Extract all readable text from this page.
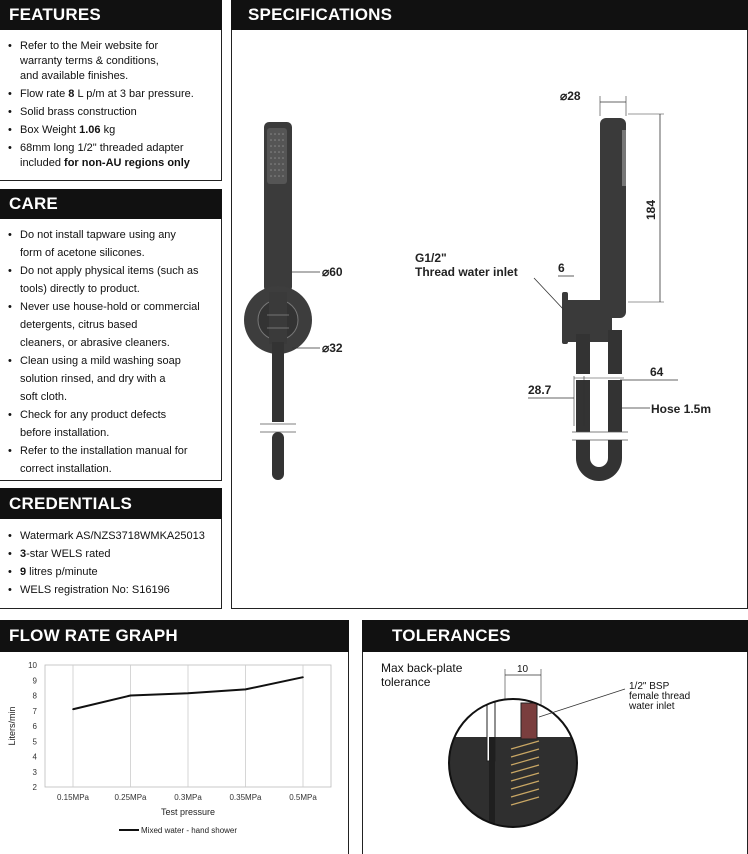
FEATURES
• Refer to the Meir website for
warranty terms & conditions,
and available finishes.
• Flow rate 8 L p/m at 3 bar pressure.
• Solid brass construction
• Box Weight 1.06 kg
• 68mm long 1/2" threaded adapter
included for non-AU regions only
CARE
• Do not install tapware using any
form of acetone silicones.
• Do not apply physical items (such as
tools) directly to product.
• Never use house-hold or commercial
detergents, citrus based
cleaners, or abrasive cleaners.
• Clean using a mild washing soap
solution rinsed, and dry with a
soft cloth.
• Check for any product defects
before installation.
• Refer to the installation manual for
correct installation.
CREDENTIALS
• Watermark AS/NZS3718WMKA25013
• 3-star WELS rated
• 9 litres p/minute
• WELS registration No: S16196
SPECIFICATIONS
⌀60
⌀32
⌀28
184
G1/2"
Thread water inlet	6
28.7
64
Hose 1.5m
FLOW RATE GRAPH
0.15MPa	0.25MPa	0.3MPa	0.35MPa	0.5MPa
2
3
4
5
6
7
8
9
10
Liters/min
Test pressure
Mixed water - hand shower
TOLERANCES
Max back-plate
tolerance
10
1/2" BSP
female thread
water inlet
